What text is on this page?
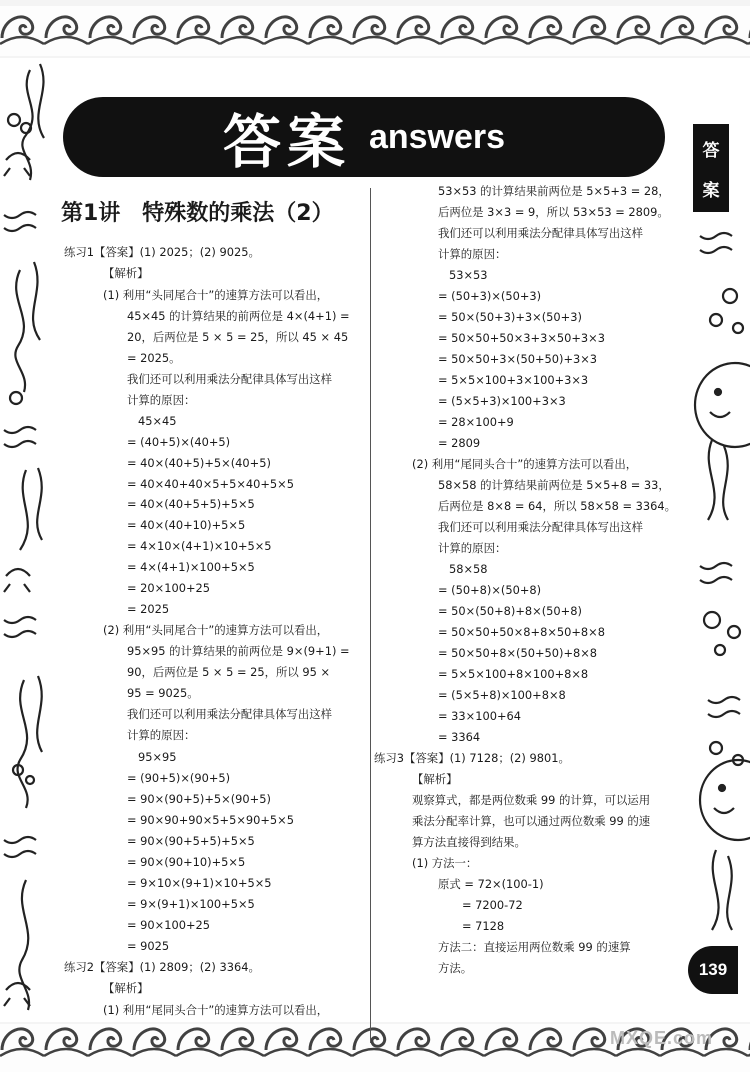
答案 answers	答
案
第1讲　特殊数的乘法（2）
练习1【答案】(1) 2025；(2) 9025。
【解析】
(1) 利用“头同尾合十”的速算方法可以看出，
45×45 的计算结果的前两位是 4×(4+1) =
20，后两位是 5 × 5 = 25，所以 45 × 45
= 2025。
我们还可以利用乘法分配律具体写出这样
计算的原因：
45×45
= (40+5)×(40+5)
= 40×(40+5)+5×(40+5)
= 40×40+40×5+5×40+5×5
= 40×(40+5+5)+5×5
= 40×(40+10)+5×5
= 4×10×(4+1)×10+5×5
= 4×(4+1)×100+5×5
= 20×100+25
= 2025
(2) 利用“头同尾合十”的速算方法可以看出，
95×95 的计算结果的前两位是 9×(9+1) =
90，后两位是 5 × 5 = 25，所以 95 ×
95 = 9025。
我们还可以利用乘法分配律具体写出这样
计算的原因：
95×95
= (90+5)×(90+5)
= 90×(90+5)+5×(90+5)
= 90×90+90×5+5×90+5×5
= 90×(90+5+5)+5×5
= 90×(90+10)+5×5
= 9×10×(9+1)×10+5×5
= 9×(9+1)×100+5×5
= 90×100+25
= 9025
练习2【答案】(1) 2809；(2) 3364。
【解析】
(1) 利用“尾同头合十”的速算方法可以看出，
53×53 的计算结果前两位是 5×5+3 = 28，
后两位是 3×3 = 9，所以 53×53 = 2809。
我们还可以利用乘法分配律具体写出这样
计算的原因：
53×53
= (50+3)×(50+3)
= 50×(50+3)+3×(50+3)
= 50×50+50×3+3×50+3×3
= 50×50+3×(50+50)+3×3
= 5×5×100+3×100+3×3
= (5×5+3)×100+3×3
= 28×100+9
= 2809
(2) 利用“尾同头合十”的速算方法可以看出，
58×58 的计算结果前两位是 5×5+8 = 33，
后两位是 8×8 = 64，所以 58×58 = 3364。
我们还可以利用乘法分配律具体写出这样
计算的原因：
58×58
= (50+8)×(50+8)
= 50×(50+8)+8×(50+8)
= 50×50+50×8+8×50+8×8
= 50×50+8×(50+50)+8×8
= 5×5×100+8×100+8×8
= (5×5+8)×100+8×8
= 33×100+64
= 3364
练习3【答案】(1) 7128；(2) 9801。
【解析】
观察算式，都是两位数乘 99 的计算，可以运用
乘法分配率计算，也可以通过两位数乘 99 的速
算方法直接得到结果。
(1) 方法一：
原式 = 72×(100-1)
= 7200-72
= 7128
方法二：直接运用两位数乘 99 的速算
方法。	139
MXQE.com
